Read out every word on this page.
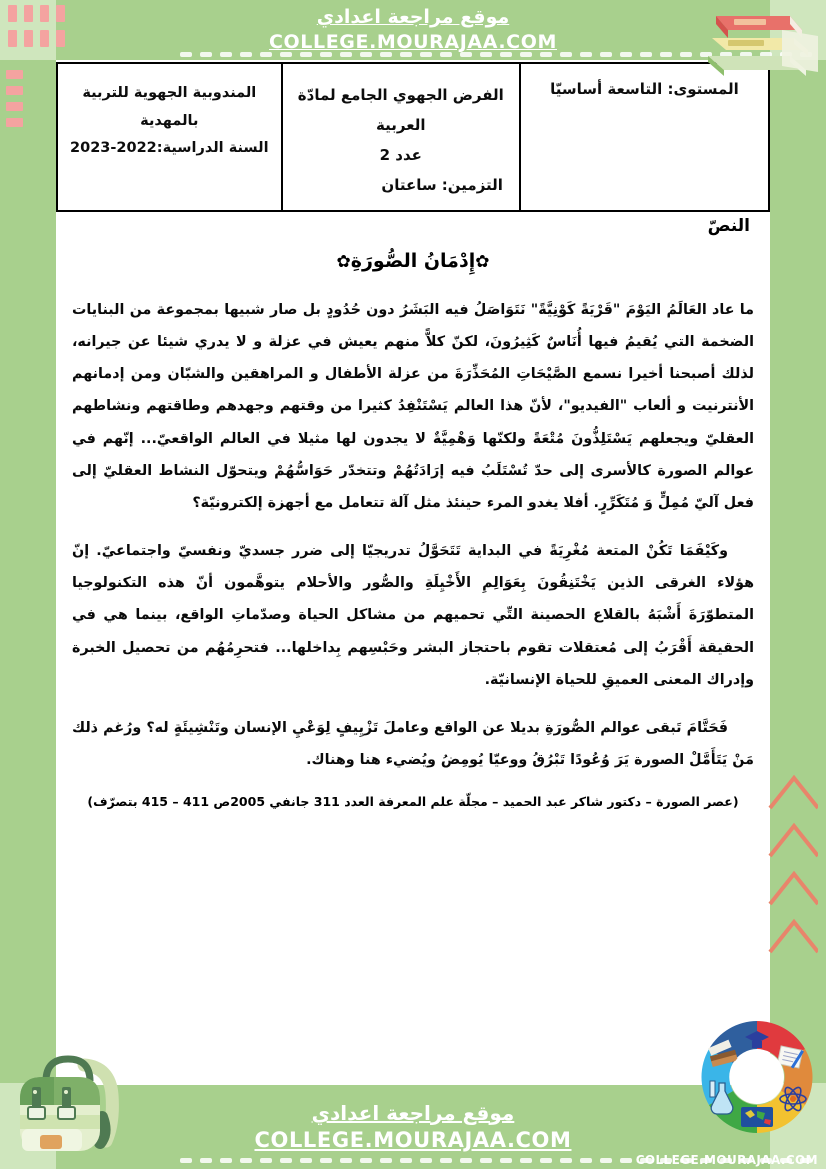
موقع مراجعة اعدادي
COLLEGE.MOURAJAA.COM
المستوى: التاسعة أساسيّا

الفرض الجهوي الجامع لمادّة العربية
عدد 2
التزمين: ساعتان

المندوبية الجهوية للتربية
بالمهدية
السنة الدراسية:2022-2023
النصّ
✿إِدْمَانُ الصُّورَةِ✿

ما عاد العَالَمُ اليَوْمَ "قَرْيَةً كَوْنِيَّةً" نَتَوَاصَلُ فيه البَشَرُ دون حُدُودٍ بل صار شبيها بمجموعة من البنايات الضخمة التي يُقيمُ فيها أُنَاسٌ كَثِيرُونَ، لكنّ كلاًّ منهم يعيش في عزلة و لا يدري شيئا عن جيرانه، لذلك أصبحنا أخيرا نسمع الصَّيْحَاتِ المُحَذِّرَةَ من عزلة الأطفال و المراهقين والشبّان ومن إدمانهم الأنترنيت و ألعاب "الفيديو"، لأنّ هذا العالم يَسْتَنْفِدُ كثيرا من وقتهم وجهدهم وطاقتهم ونشاطهم العقليّ ويجعلهم يَسْتَلِذُّونَ مُتْعَةً ولكنّها وَهْمِيَّةٌ لا يجدون لها مثيلا في العالم الواقعيّ... إنّهم في عوالم الصورة كالأسرى إلى حدّ تُسْتَلَبُ فيه إرَادَتُهُمْ وتتخدّر حَوَاسُّهُمْ ويتحوّل النشاط العقليّ إلى فعل آليّ مُمِلٍّ وَ مُتَكَرِّرٍ. أفلا يغدو المرء حينئذ مثل آلة تتعامل مع أجهزة إلكترونيّة؟

وكَيْفَمَا تَكُنْ المتعة مُغْرِيَةً في البداية تَتَحَوَّلُ تدريجيّا إلى ضرر جسديّ ونفسيّ واجتماعيّ. إنّ هؤلاء الغرقى الذين يَخْتَنِقُونَ بِعَوَالِمِ الأَخْيِلَةِ والصُّور والأحلام يتوهَّمون أنّ هذه التكنولوجيا المتطوّرَةَ أَشْبَهُ بالقلاع الحصينة التِّي تحميهم من مشاكل الحياة وصدّماتِ الواقع، بينما هي في الحقيقة أَقْرَبُ إلى مُعتقلات تقوم باحتجاز البشر وحَبْسِهم بِداخلها... فتحرِمُهُم من تحصيل الخبرة وإدراك المعنى العميقِ للحياة الإنسانيّة.

فَحَتَّامَ تَبقى عوالم الصُّورَةِ بديلا عن الواقع وعاملَ تَزْيِيفٍ لِوَعْيِ الإنسان وتَنْشِيئَةٍ له؟ ورُغم ذلك مَنْ يَتَأَمَّلْ الصورة يَرَ وُعُودًا تَبْرُقُ ووعيّا يُومِضُ ويُضيء هنا وهناك.

(عصر الصورة – دكتور شاكر عبد الحميد – مجلّة علم المعرفة العدد 311 جانفي 2005ص 411 – 415 بتصرّف)
موقع مراجعة اعدادي
COLLEGE.MOURAJAA.COM
COLLEGE.MOURAJAA.COM
